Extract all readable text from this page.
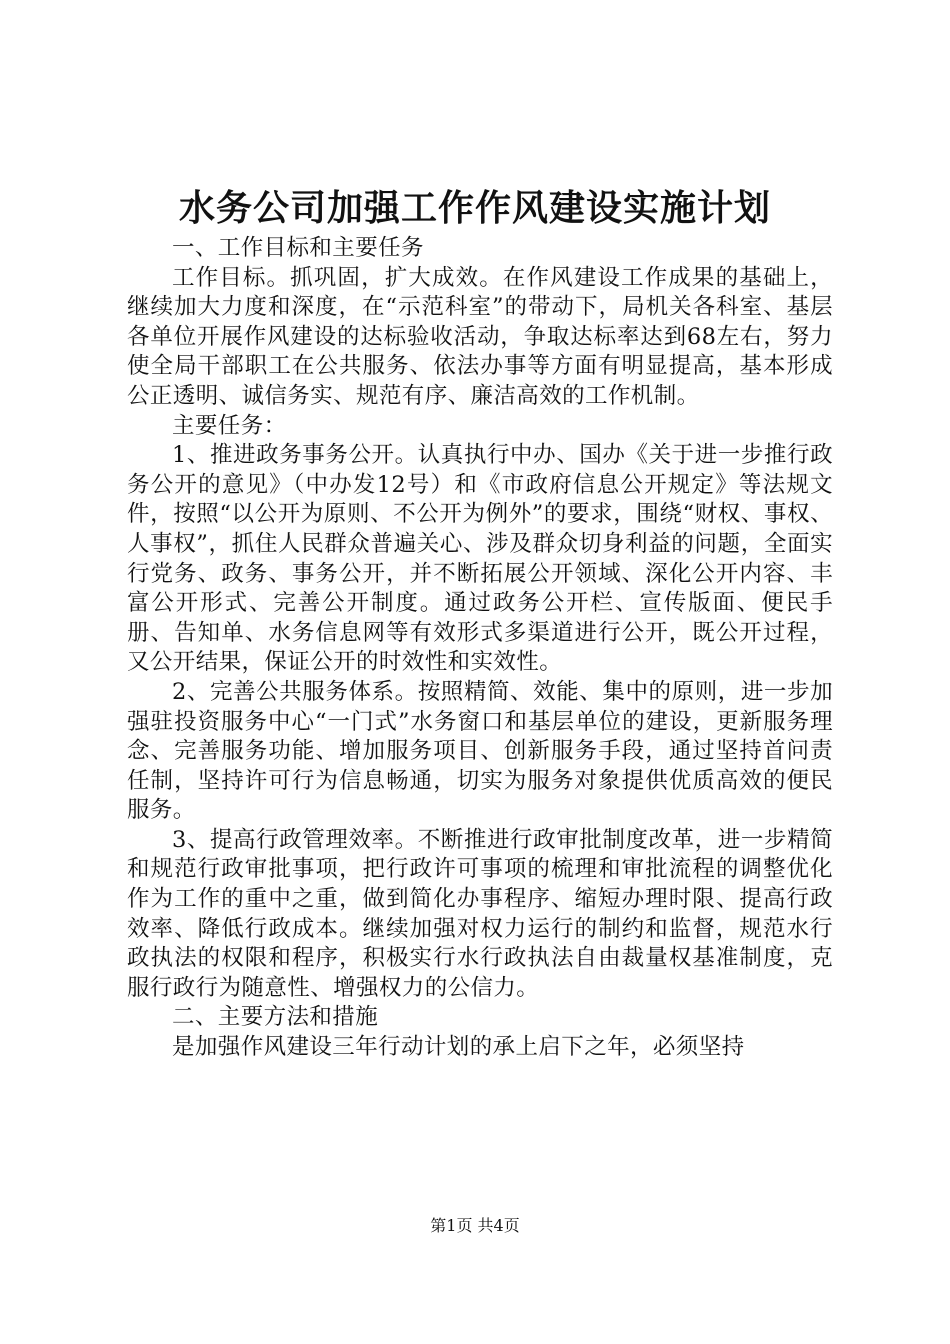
水务公司加强工作作风建设实施计划

一、工作目标和主要任务

工作目标。抓巩固，扩大成效。在作风建设工作成果的基础上，继续加大力度和深度，在“示范科室”的带动下，局机关各科室、基层各单位开展作风建设的达标验收活动，争取达标率达到68左右，努力使全局干部职工在公共服务、依法办事等方面有明显提高，基本形成公正透明、诚信务实、规范有序、廉洁高效的工作机制。

主要任务：

1、推进政务事务公开。认真执行中办、国办《关于进一步推行政务公开的意见》（中办发12号）和《市政府信息公开规定》等法规文件，按照“以公开为原则、不公开为例外”的要求，围绕“财权、事权、人事权”，抓住人民群众普遍关心、涉及群众切身利益的问题，全面实行党务、政务、事务公开，并不断拓展公开领域、深化公开内容、丰富公开形式、完善公开制度。通过政务公开栏、宣传版面、便民手册、告知单、水务信息网等有效形式多渠道进行公开，既公开过程，又公开结果，保证公开的时效性和实效性。

2、完善公共服务体系。按照精简、效能、集中的原则，进一步加强驻投资服务中心“一门式”水务窗口和基层单位的建设，更新服务理念、完善服务功能、增加服务项目、创新服务手段，通过坚持首问责任制，坚持许可行为信息畅通，切实为服务对象提供优质高效的便民服务。

3、提高行政管理效率。不断推进行政审批制度改革，进一步精简和规范行政审批事项，把行政许可事项的梳理和审批流程的调整优化作为工作的重中之重，做到简化办事程序、缩短办理时限、提高行政效率、降低行政成本。继续加强对权力运行的制约和监督，规范水行政执法的权限和程序，积极实行水行政执法自由裁量权基准制度，克服行政行为随意性、增强权力的公信力。

二、主要方法和措施

是加强作风建设三年行动计划的承上启下之年，必须坚持

第1页 共4页
